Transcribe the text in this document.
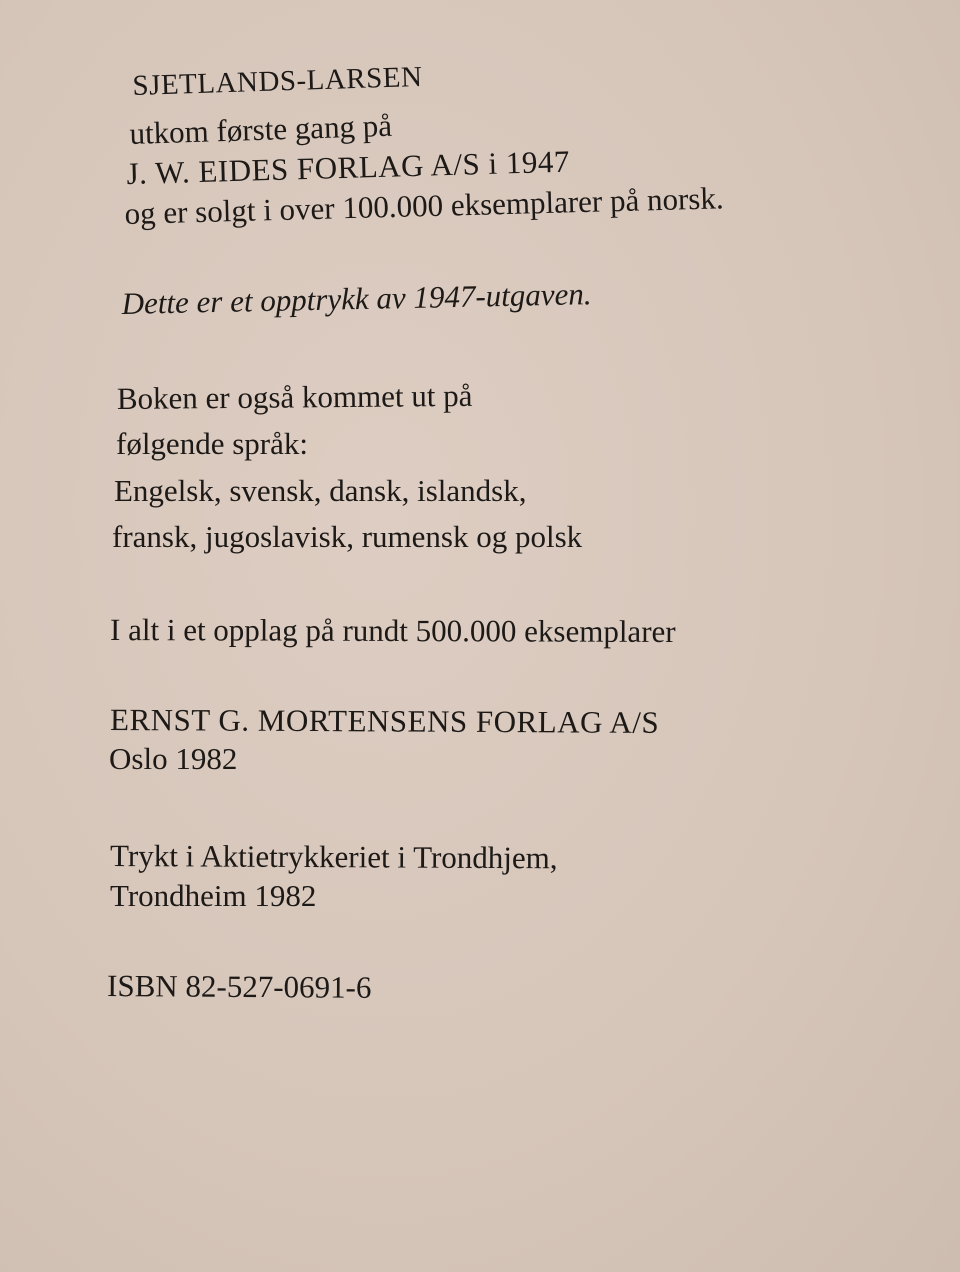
SJETLANDS-LARSEN
utkom første gang på
J. W. EIDES FORLAG A/S i 1947
og er solgt i over 100.000 eksemplarer på norsk.
Dette er et opptrykk av 1947-utgaven.
Boken er også kommet ut på
følgende språk:
Engelsk, svensk, dansk, islandsk,
fransk, jugoslavisk, rumensk og polsk
I alt i et opplag på rundt 500.000 eksemplarer
ERNST G. MORTENSENS FORLAG A/S
Oslo 1982
Trykt i Aktietrykkeriet i Trondhjem,
Trondheim 1982
ISBN 82-527-0691-6
